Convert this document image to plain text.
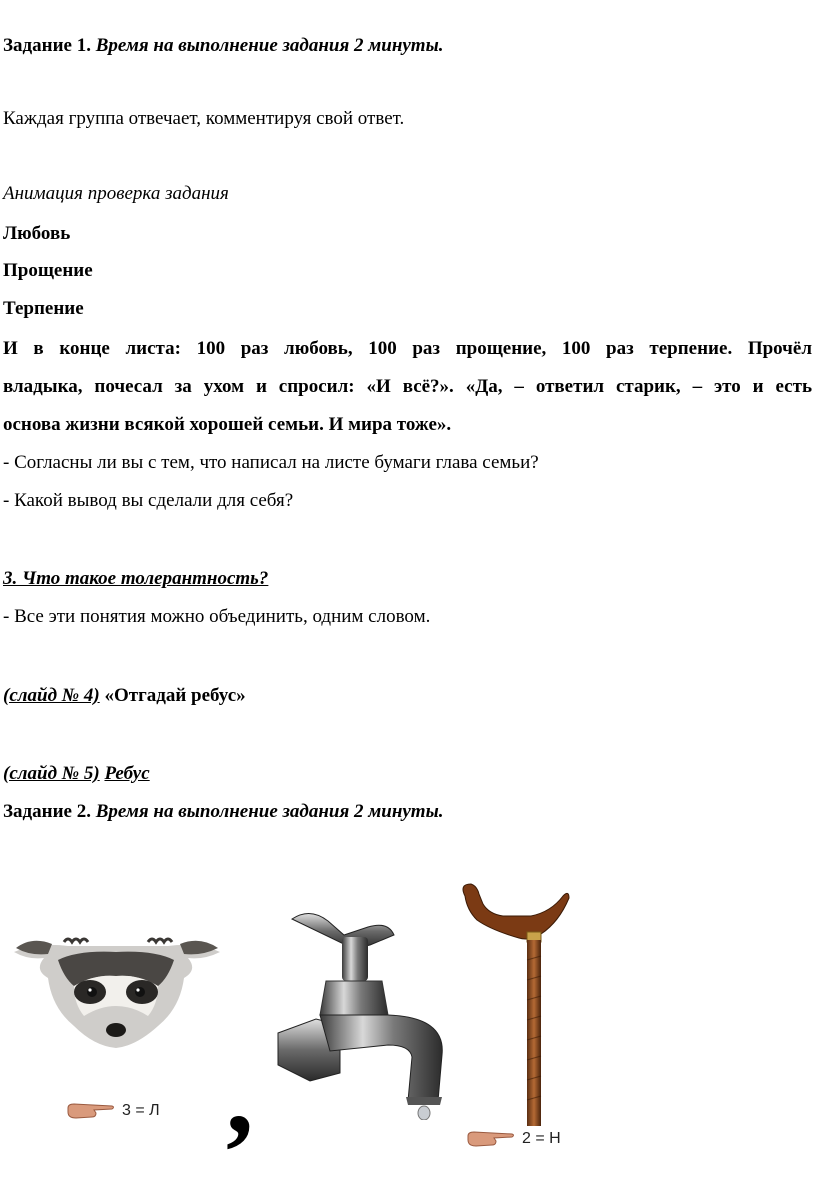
Задание 1. Время на выполнение задания 2 минуты.
Каждая группа отвечает, комментируя свой ответ.
Анимация проверка задания
Любовь
Прощение
Терпение
И в конце листа: 100 раз любовь, 100 раз прощение, 100 раз терпение. Прочёл
владыка, почесал за ухом и спросил: «И всё?». «Да, – ответил старик, – это и есть
основа жизни всякой хорошей семьи. И мира тоже».
- Согласны ли вы с тем, что написал на листе бумаги глава семьи?
- Какой вывод вы сделали для себя?
3. Что такое толерантность?
- Все эти понятия можно объединить, одним словом.
(слайд № 4) «Отгадай ребус»
(слайд № 5) Ребус
Задание 2. Время на выполнение задания 2 минуты.
3 = Л ,	2 = Н
